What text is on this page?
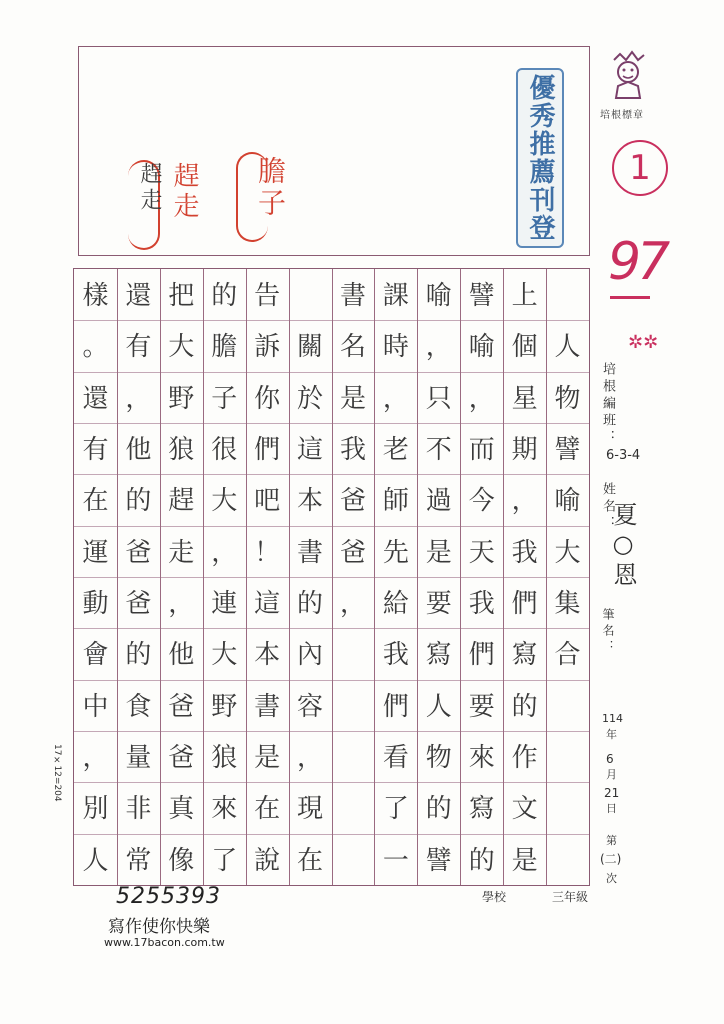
優秀推薦刊登
趕走 趕走 膽子
培根標章
1
97
✲✲
培根編班：
6-3-4
姓名：
夏○恩
筆名：
114
年
6
月
21
日
第
(二)
次
人
物
譬
喻
大
集
合
上
個
星
期
，
我
們
寫
的
作
文
是
譬
喻
，
而
今
天
我
們
要
來
寫
的
喻
，
只
不
過
是
要
寫
人
物
的
譬
課
時
，
老
師
先
給
我
們
看
了
一
書
名
是
我
爸
爸
，
關
於
這
本
書
的
內
容
，
現
在
告
訴
你
們
吧
！
這
本
書
是
在
說
的
膽
子
很
大
，
連
大
野
狼
來
了
把
大
野
狼
趕
走
，
他
爸
爸
真
像
還
有
，
他
的
爸
爸
的
食
量
非
常
樣
。
還
有
在
運
動
會
中
，
別
人
學校	三年級
5255393
寫作使你快樂
www.17bacon.com.tw
17×12=204
